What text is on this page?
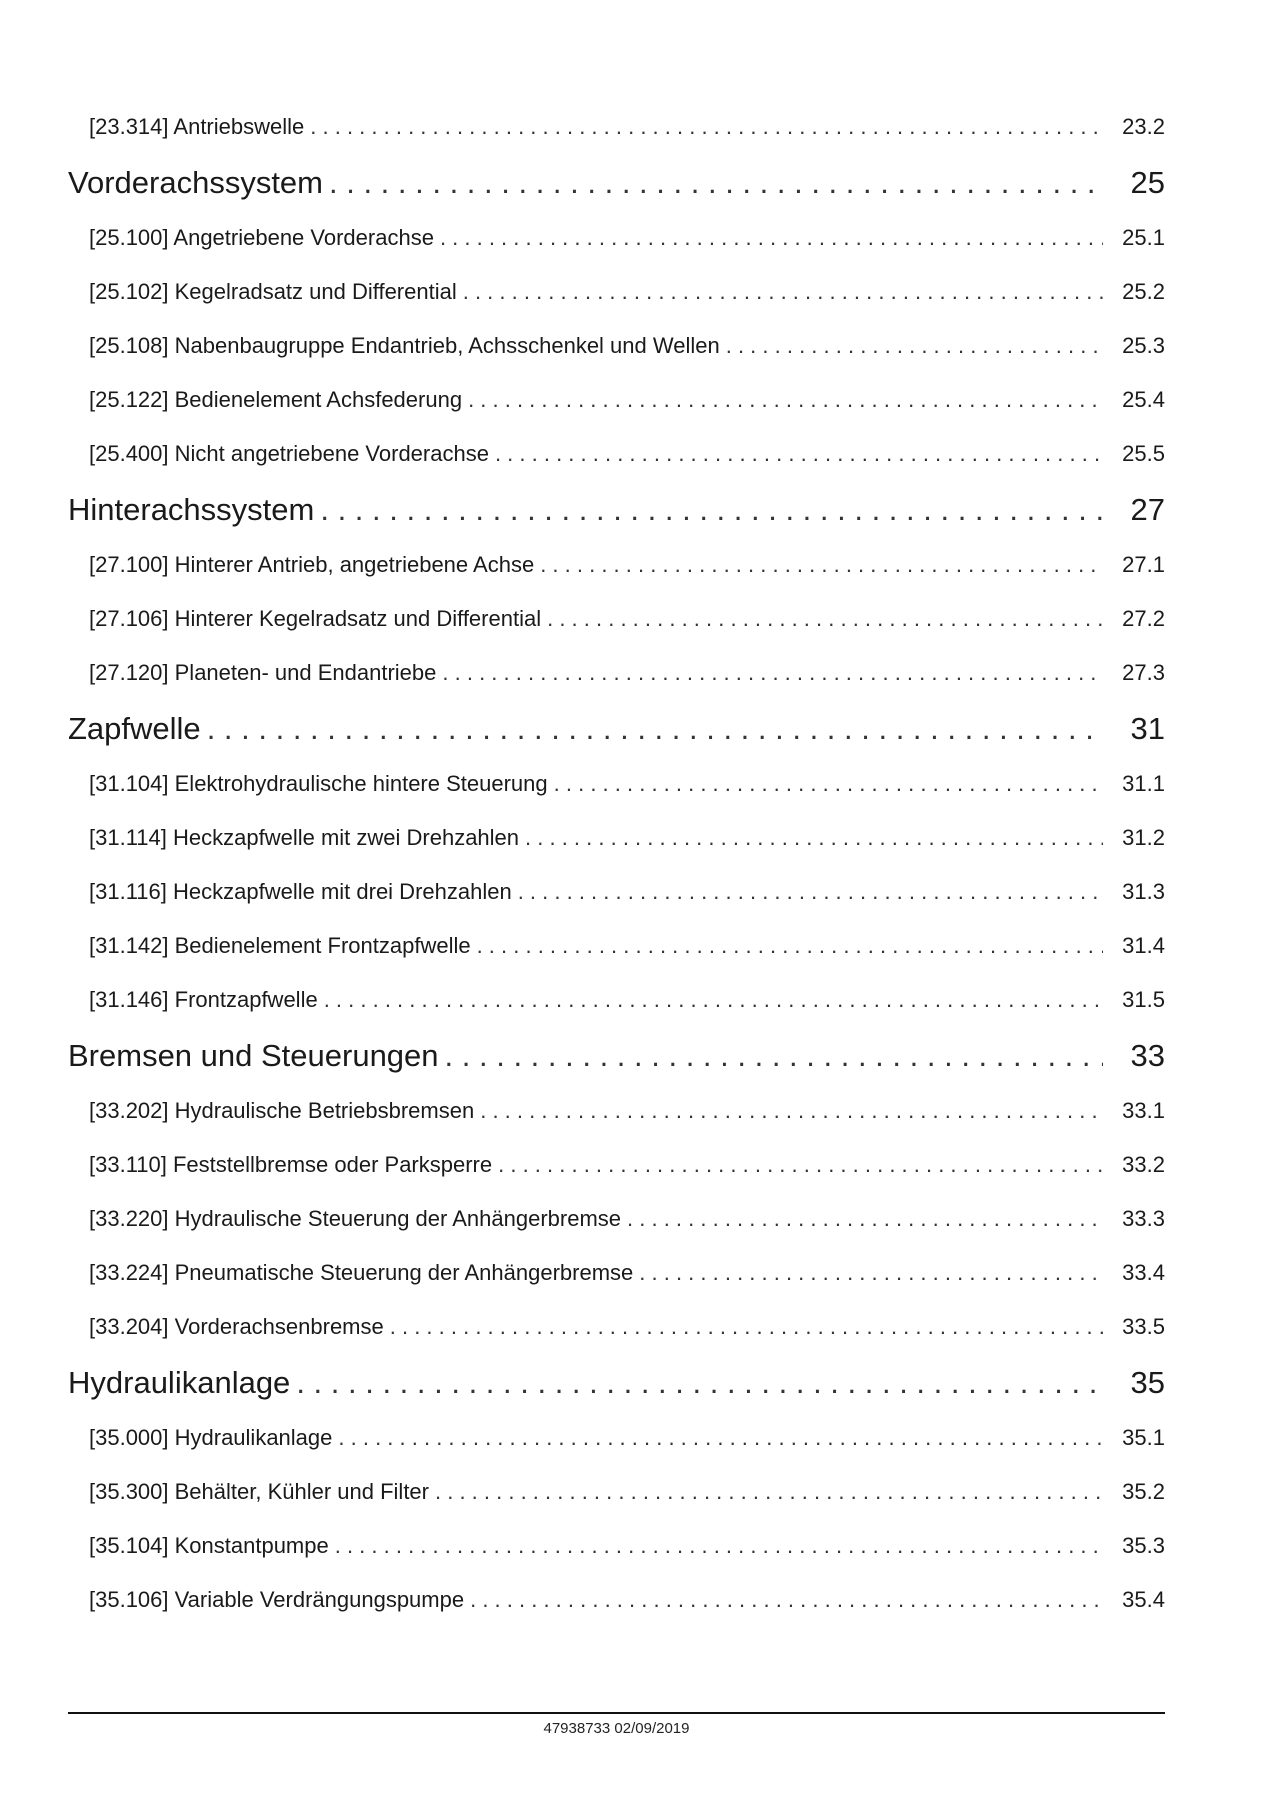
[23.314] Antriebswelle . . .	23.2
Vorderachssystem . . .	25
[25.100] Angetriebene Vorderachse . . .	25.1
[25.102] Kegelradsatz und Differential . . .	25.2
[25.108] Nabenbaugruppe Endantrieb, Achsschenkel und Wellen . . .	25.3
[25.122] Bedienelement Achsfederung . . .	25.4
[25.400] Nicht angetriebene Vorderachse . . .	25.5
Hinterachssystem . . .	27
[27.100] Hinterer Antrieb, angetriebene Achse . . .	27.1
[27.106] Hinterer Kegelradsatz und Differential . . .	27.2
[27.120] Planeten- und Endantriebe . . .	27.3
Zapfwelle . . .	31
[31.104] Elektrohydraulische hintere Steuerung . . .	31.1
[31.114] Heckzapfwelle mit zwei Drehzahlen . . .	31.2
[31.116] Heckzapfwelle mit drei Drehzahlen . . .	31.3
[31.142] Bedienelement Frontzapfwelle . . .	31.4
[31.146] Frontzapfwelle . . .	31.5
Bremsen und Steuerungen . . .	33
[33.202] Hydraulische Betriebsbremsen . . .	33.1
[33.110] Feststellbremse oder Parksperre . . .	33.2
[33.220] Hydraulische Steuerung der Anhängerbremse . . .	33.3
[33.224] Pneumatische Steuerung der Anhängerbremse . . .	33.4
[33.204] Vorderachsenbremse . . .	33.5
Hydraulikanlage . . .	35
[35.000] Hydraulikanlage . . .	35.1
[35.300] Behälter, Kühler und Filter . . .	35.2
[35.104] Konstantpumpe . . .	35.3
[35.106] Variable Verdrängungspumpe . . .	35.4
47938733 02/09/2019
